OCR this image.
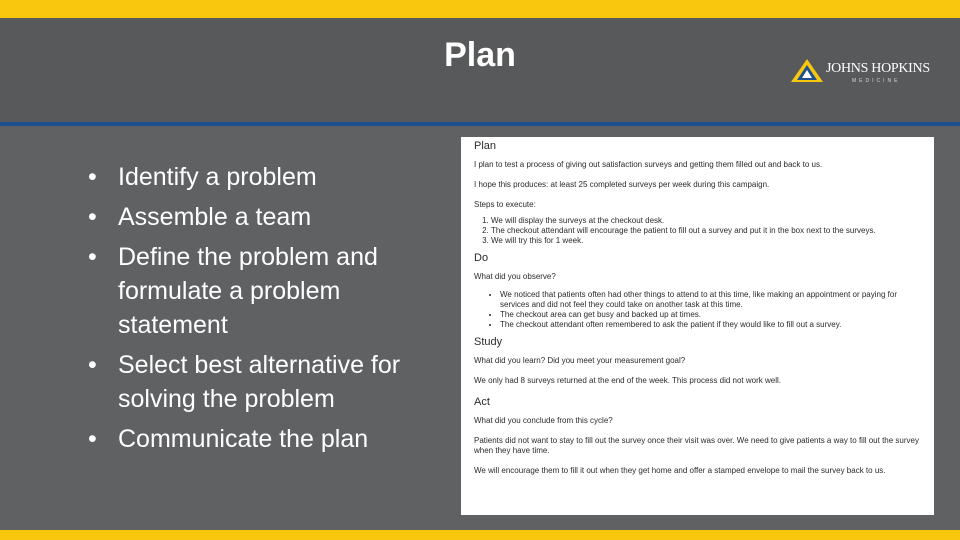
Plan	JOHNS HOPKINS
MEDICINE
• Identify a problem
• Assemble a team
• Define the problem and formulate a problem statement
• Select best alternative for solving the problem
• Communicate the plan
Plan

I plan to test a process of giving out satisfaction surveys and getting them filled out and back to us.

I hope this produces: at least 25 completed surveys per week during this campaign.

Steps to execute:

1. We will display the surveys at the checkout desk.
2. The checkout attendant will encourage the patient to fill out a survey and put it in the box next to the surveys.
3. We will try this for 1 week.
Do

What did you observe?

• We noticed that patients often had other things to attend to at this time, like making an appointment or paying for services and did not feel they could take on another task at this time.
• The checkout area can get busy and backed up at times.
• The checkout attendant often remembered to ask the patient if they would like to fill out a survey.
Study

What did you learn? Did you meet your measurement goal?

We only had 8 surveys returned at the end of the week. This process did not work well.

Act

What did you conclude from this cycle?

Patients did not want to stay to fill out the survey once their visit was over. We need to give patients a way to fill out the survey when they have time.

We will encourage them to fill it out when they get home and offer a stamped envelope to mail the survey back to us.
